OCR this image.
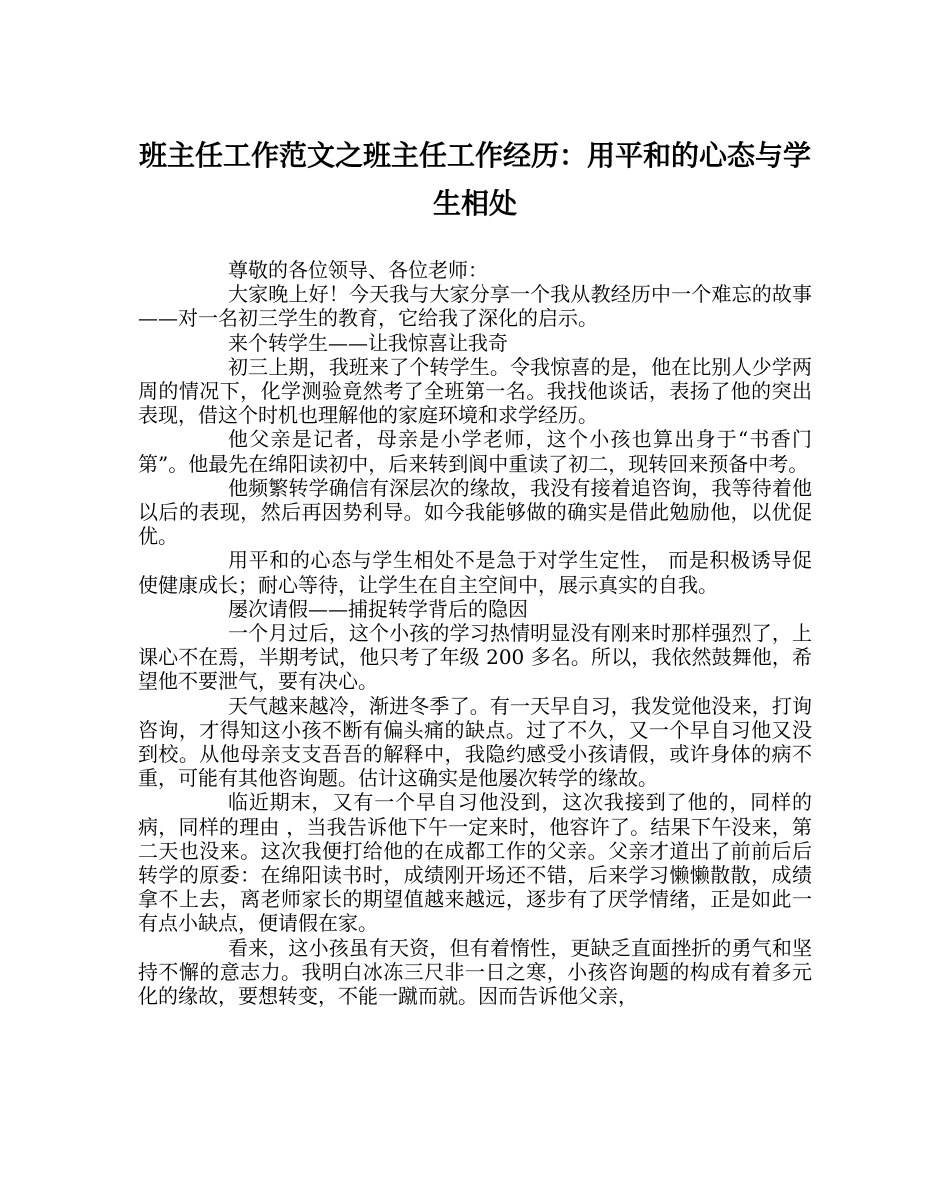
班主任工作范文之班主任工作经历：用平和的心态与学生相处

尊敬的各位领导、各位老师：

大家晚上好！今天我与大家分享一个我从教经历中一个难忘的故事——对一名初三学生的教育，它给我了深化的启示。

来个转学生——让我惊喜让我奇

初三上期，我班来了个转学生。令我惊喜的是，他在比别人少学两周的情况下，化学测验竟然考了全班第一名。我找他谈话，表扬了他的突出表现，借这个时机也理解他的家庭环境和求学经历。

他父亲是记者，母亲是小学老师，这个小孩也算出身于“书香门第”。他最先在绵阳读初中，后来转到阆中重读了初二，现转回来预备中考。

他频繁转学确信有深层次的缘故，我没有接着追咨询，我等待着他以后的表现，然后再因势利导。如今我能够做的确实是借此勉励他，以优促优。

用平和的心态与学生相处不是急于对学生定性， 而是积极诱导促使健康成长；耐心等待，让学生在自主空间中，展示真实的自我。

屡次请假——捕捉转学背后的隐因

一个月过后，这个小孩的学习热情明显没有刚来时那样强烈了，上课心不在焉，半期考试，他只考了年级 200 多名。所以，我依然鼓舞他，希望他不要泄气，要有决心。

天气越来越冷，渐进冬季了。有一天早自习，我发觉他没来，打询咨询，才得知这小孩不断有偏头痛的缺点。过了不久，又一个早自习他又没到校。从他母亲支支吾吾的解释中，我隐约感受小孩请假，或许身体的病不重，可能有其他咨询题。估计这确实是他屡次转学的缘故。

临近期末，又有一个早自习他没到，这次我接到了他的，同样的病，同样的理由 ，当我告诉他下午一定来时，他容许了。结果下午没来，第二天也没来。这次我便打给他的在成都工作的父亲。父亲才道出了前前后后转学的原委：在绵阳读书时，成绩刚开场还不错，后来学习懒懒散散，成绩拿不上去，离老师家长的期望值越来越远，逐步有了厌学情绪，正是如此一有点小缺点，便请假在家。

看来，这小孩虽有天资，但有着惰性，更缺乏直面挫折的勇气和坚持不懈的意志力。我明白冰冻三尺非一日之寒，小孩咨询题的构成有着多元化的缘故，要想转变，不能一蹴而就。因而告诉他父亲，
